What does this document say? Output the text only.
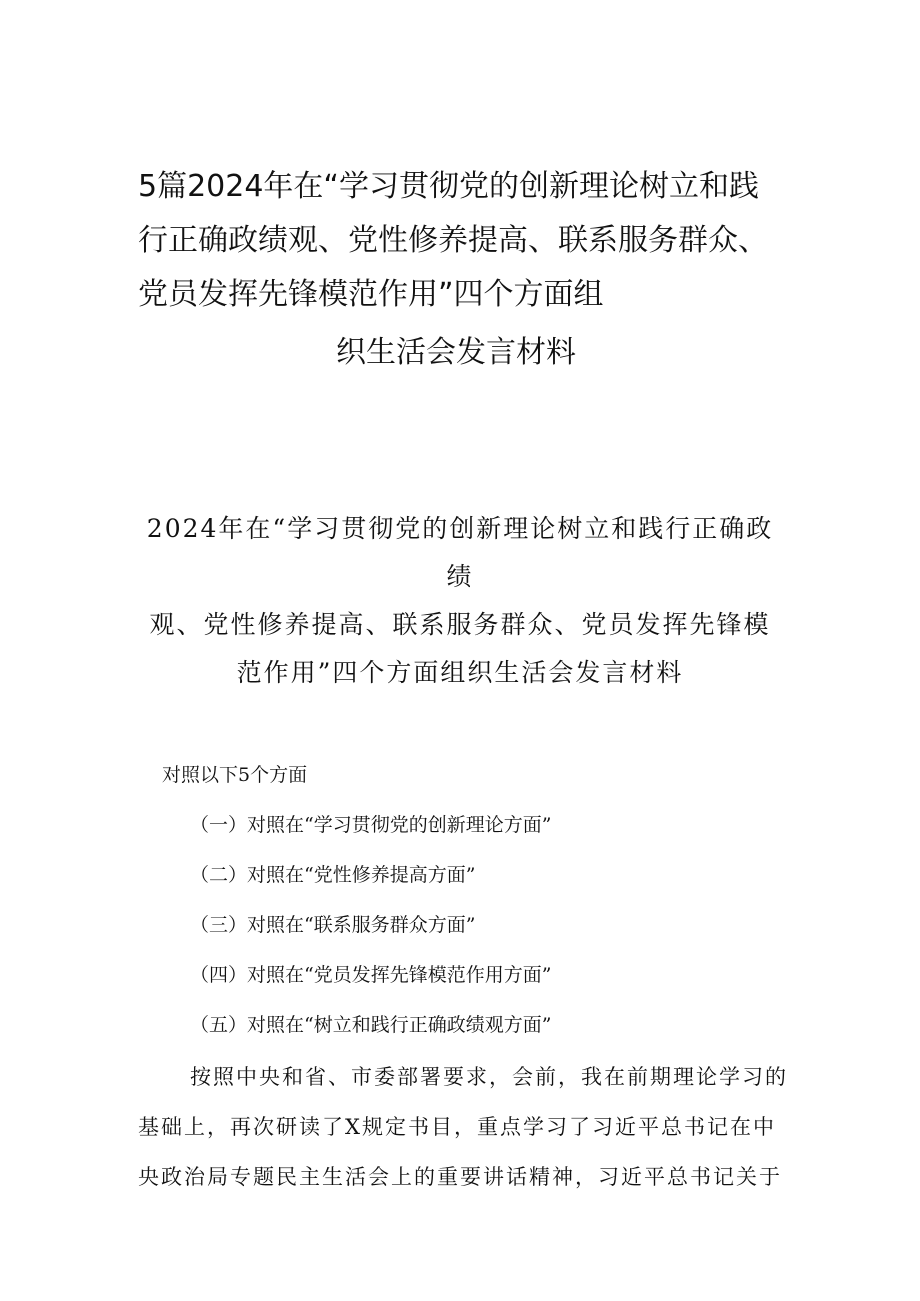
5篇2024年在“学习贯彻党的创新理论树立和践
行正确政绩观、党性修养提高、联系服务群众、
党员发挥先锋模范作用”四个方面组
织生活会发言材料
2024年在“学习贯彻党的创新理论树立和践行正确政
绩
观、党性修养提高、联系服务群众、党员发挥先锋模
范作用”四个方面组织生活会发言材料
对照以下5个方面
（一）对照在“学习贯彻党的创新理论方面”
（二）对照在“党性修养提高方面”
（三）对照在“联系服务群众方面”
（四）对照在“党员发挥先锋模范作用方面”
（五）对照在“树立和践行正确政绩观方面”
按照中央和省、市委部署要求，会前，我在前期理论学习的
基础上，再次研读了X规定书目，重点学习了习近平总书记在中
央政治局专题民主生活会上的重要讲话精神，习近平总书记关于
